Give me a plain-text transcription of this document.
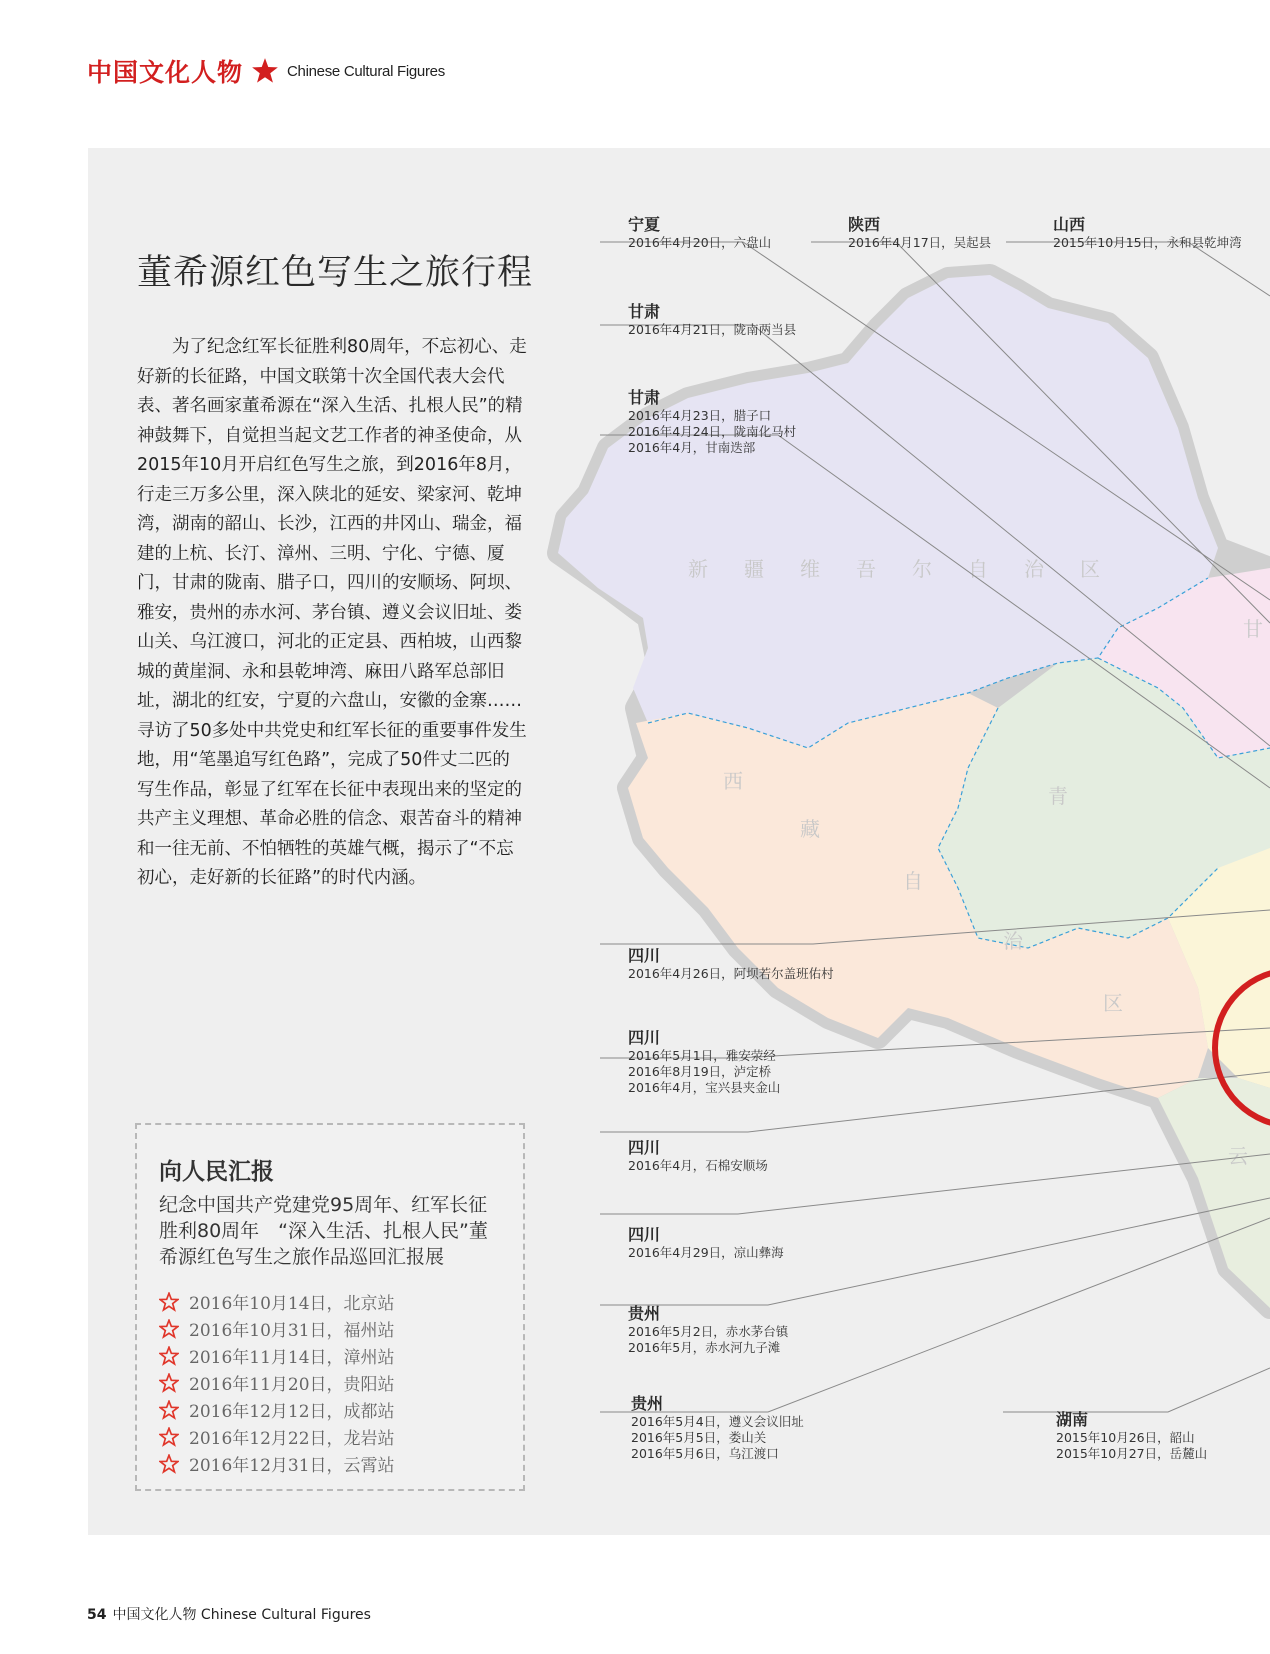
中国文化人物	Chinese Cultural Figures
新疆维吾尔自治区
西
藏
自
治
区
青
甘
云
董希源红色写生之旅行程

为了纪念红军长征胜利80周年，不忘初心、走好新的长征路，中国文联第十次全国代表大会代表、著名画家董希源在“深入生活、扎根人民”的精神鼓舞下，自觉担当起文艺工作者的神圣使命，从2015年10月开启红色写生之旅，到2016年8月，行走三万多公里，深入陕北的延安、梁家河、乾坤湾，湖南的韶山、长沙，江西的井冈山、瑞金，福建的上杭、长汀、漳州、三明、宁化、宁德、厦门，甘肃的陇南、腊子口，四川的安顺场、阿坝、雅安，贵州的赤水河、茅台镇、遵义会议旧址、娄山关、乌江渡口，河北的正定县、西柏坡，山西黎城的黄崖洞、永和县乾坤湾、麻田八路军总部旧址，湖北的红安，宁夏的六盘山，安徽的金寨……寻访了50多处中共党史和红军长征的重要事件发生地，用“笔墨追写红色路”，完成了50件丈二匹的写生作品，彰显了红军在长征中表现出来的坚定的共产主义理想、革命必胜的信念、艰苦奋斗的精神和一往无前、不怕牺牲的英雄气概，揭示了“不忘初心，走好新的长征路”的时代内涵。

宁夏
2016年4月20日，六盘山
陕西
2016年4月17日，吴起县
山西
2015年10月15日，永和县乾坤湾
甘肃
2016年4月21日，陇南两当县
甘肃
2016年4月23日，腊子口
2016年4月24日，陇南化马村
2016年4月，甘南迭部
四川
2016年4月26日，阿坝若尔盖班佑村
四川
2016年5月1日，雅安荥经
2016年8月19日，泸定桥
2016年4月，宝兴县夹金山
四川
2016年4月，石棉安顺场
四川
2016年4月29日，凉山彝海
贵州
2016年5月2日，赤水茅台镇
2016年5月，赤水河九子滩
贵州
2016年5月4日，遵义会议旧址
2016年5月5日，娄山关
2016年5月6日，乌江渡口
湖南
2015年10月26日，韶山
2015年10月27日，岳麓山
向人民汇报
纪念中国共产党建党95周年、红军长征胜利80周年　“深入生活、扎根人民”董希源红色写生之旅作品巡回汇报展
2016年10月14日，北京站
2016年10月31日，福州站
2016年11月14日，漳州站
2016年11月20日，贵阳站
2016年12月12日，成都站
2016年12月22日，龙岩站
2016年12月31日，云霄站
54 中国文化人物 Chinese Cultural Figures
